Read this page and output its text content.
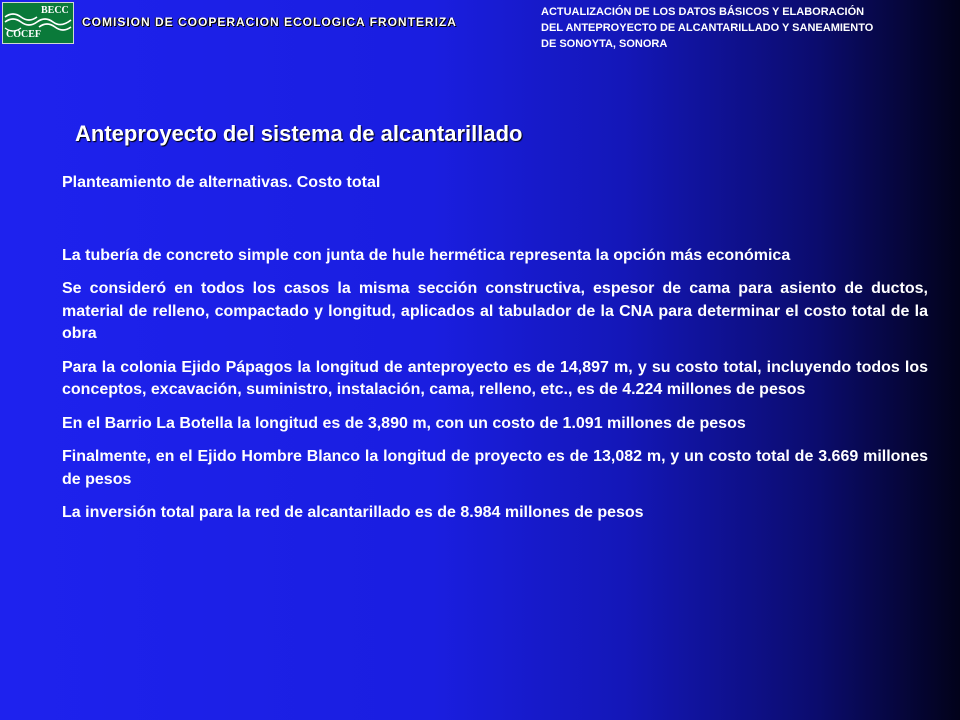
BECC
COCEF
COMISION DE COOPERACION ECOLOGICA FRONTERIZA
ACTUALIZACIÓN DE LOS DATOS BÁSICOS Y ELABORACIÓN
DEL ANTEPROYECTO DE ALCANTARILLADO Y SANEAMIENTO
DE SONOYTA, SONORA
Anteproyecto del sistema de alcantarillado

Planteamiento de alternativas. Costo total

La tubería de concreto simple con junta de hule hermética representa la opción más económica

Se consideró en todos los casos la misma sección constructiva, espesor de cama para asiento de ductos, material de relleno, compactado y longitud, aplicados al tabulador de la CNA para determinar el costo total de la obra

Para la colonia Ejido Pápagos la longitud de anteproyecto es de 14,897 m, y su costo total, incluyendo todos los conceptos, excavación, suministro, instalación, cama, relleno, etc., es de 4.224 millones de pesos

En el Barrio La Botella la longitud es de 3,890 m, con un costo de 1.091 millones de pesos

Finalmente, en el Ejido Hombre Blanco la longitud de proyecto es de 13,082 m, y un costo total de 3.669 millones de pesos

La inversión total para la red de alcantarillado es de 8.984 millones de pesos
